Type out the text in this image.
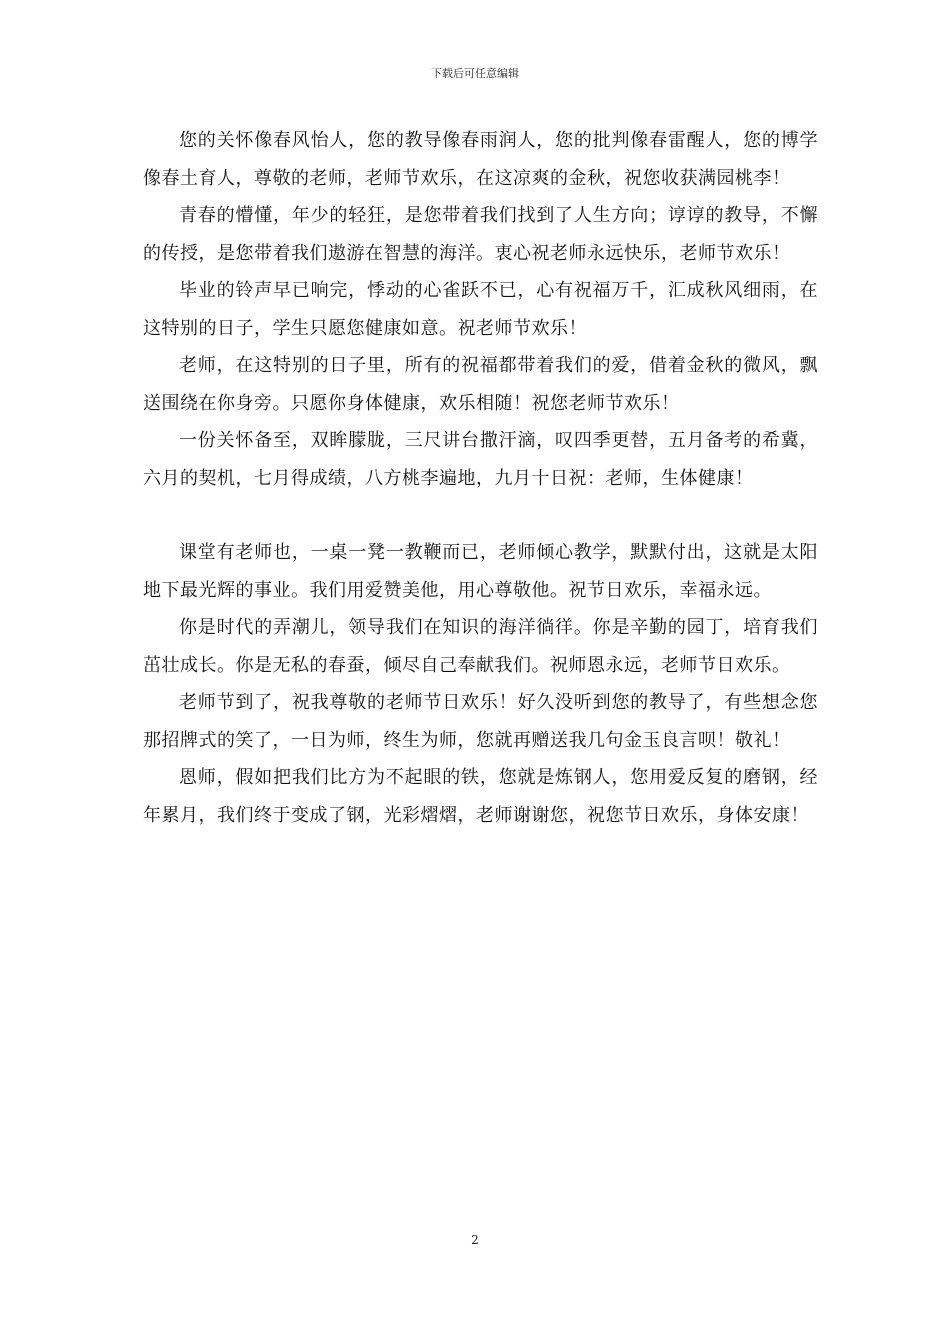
下载后可任意编辑

您的关怀像春风怡人，您的教导像春雨润人，您的批判像春雷醒人，您的博学像春土育人，尊敬的老师，老师节欢乐，在这凉爽的金秋，祝您收获满园桃李！

青春的懵懂，年少的轻狂，是您带着我们找到了人生方向；谆谆的教导，不懈的传授，是您带着我们遨游在智慧的海洋。衷心祝老师永远快乐，老师节欢乐！

毕业的铃声早已响完，悸动的心雀跃不已，心有祝福万千，汇成秋风细雨，在这特别的日子，学生只愿您健康如意。祝老师节欢乐！

老师，在这特别的日子里，所有的祝福都带着我们的爱，借着金秋的微风，飘送围绕在你身旁。只愿你身体健康，欢乐相随！祝您老师节欢乐！

一份关怀备至，双眸朦胧，三尺讲台撒汗滴，叹四季更替，五月备考的希冀，六月的契机，七月得成绩，八方桃李遍地，九月十日祝：老师，生体健康！

课堂有老师也，一桌一凳一教鞭而已，老师倾心教学，默默付出，这就是太阳地下最光辉的事业。我们用爱赞美他，用心尊敬他。祝节日欢乐，幸福永远。

你是时代的弄潮儿，领导我们在知识的海洋徜徉。你是辛勤的园丁，培育我们茁壮成长。你是无私的春蚕，倾尽自己奉献我们。祝师恩永远，老师节日欢乐。

老师节到了，祝我尊敬的老师节日欢乐！好久没听到您的教导了，有些想念您那招牌式的笑了，一日为师，终生为师，您就再赠送我几句金玉良言呗！敬礼！

恩师，假如把我们比方为不起眼的铁，您就是炼钢人，您用爱反复的磨钢，经年累月，我们终于变成了钢，光彩熠熠，老师谢谢您，祝您节日欢乐，身体安康！

2
